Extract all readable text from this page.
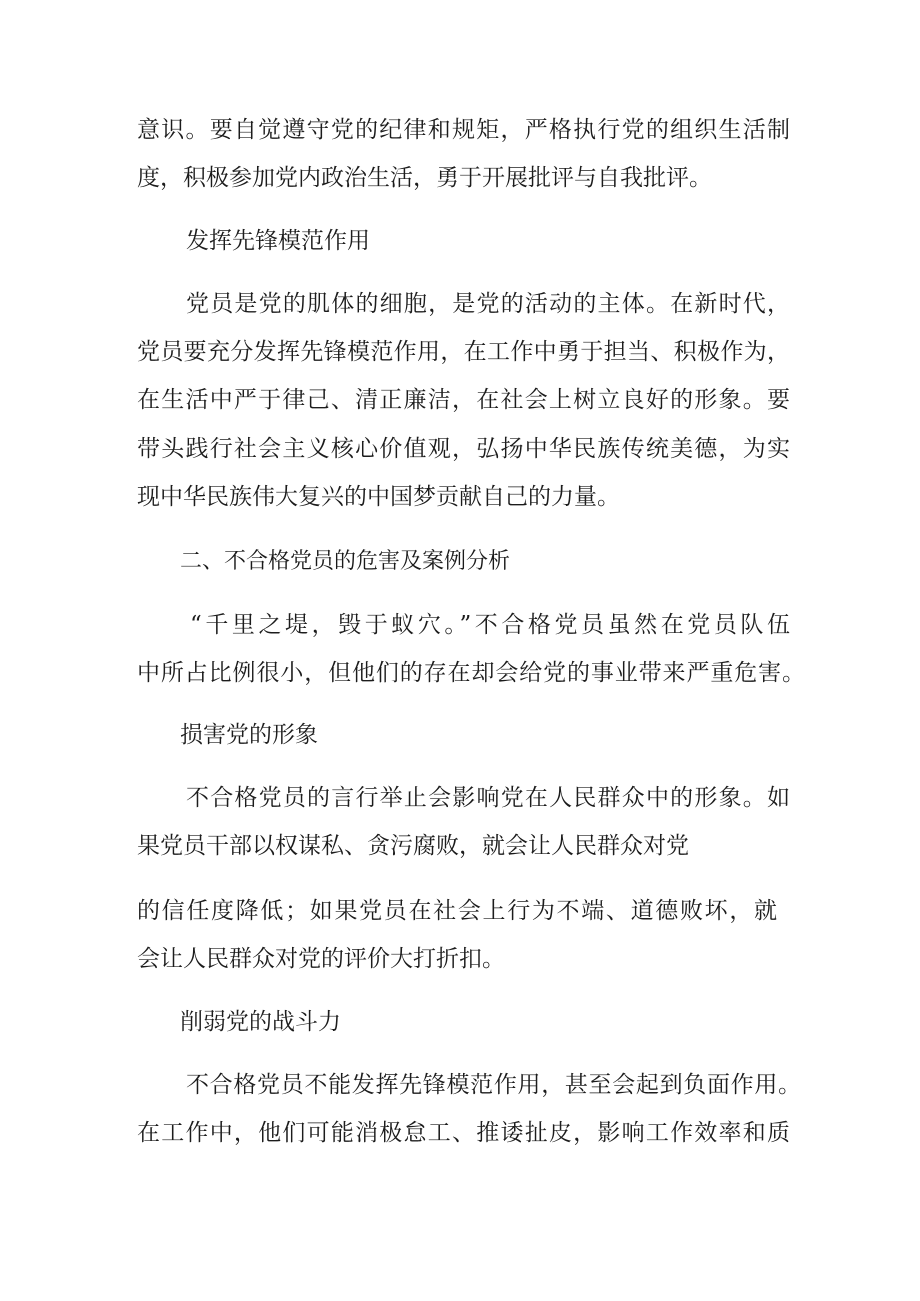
意识。要自觉遵守党的纪律和规矩，严格执行党的组织生活制

度，积极参加党内政治生活，勇于开展批评与自我批评。

发挥先锋模范作用

党员是党的肌体的细胞，是党的活动的主体。在新时代，

党员要充分发挥先锋模范作用，在工作中勇于担当、积极作为，

在生活中严于律己、清正廉洁，在社会上树立良好的形象。要

带头践行社会主义核心价值观，弘扬中华民族传统美德，为实

现中华民族伟大复兴的中国梦贡献自己的力量。

二、不合格党员的危害及案例分析

“千里之堤，毁于蚁穴。”不合格党员虽然在党员队伍

中所占比例很小，但他们的存在却会给党的事业带来严重危害。

损害党的形象

不合格党员的言行举止会影响党在人民群众中的形象。如

果党员干部以权谋私、贪污腐败，就会让人民群众对党

的信任度降低；如果党员在社会上行为不端、道德败坏，就

会让人民群众对党的评价大打折扣。

削弱党的战斗力

不合格党员不能发挥先锋模范作用，甚至会起到负面作用。

在工作中，他们可能消极怠工、推诿扯皮，影响工作效率和质
